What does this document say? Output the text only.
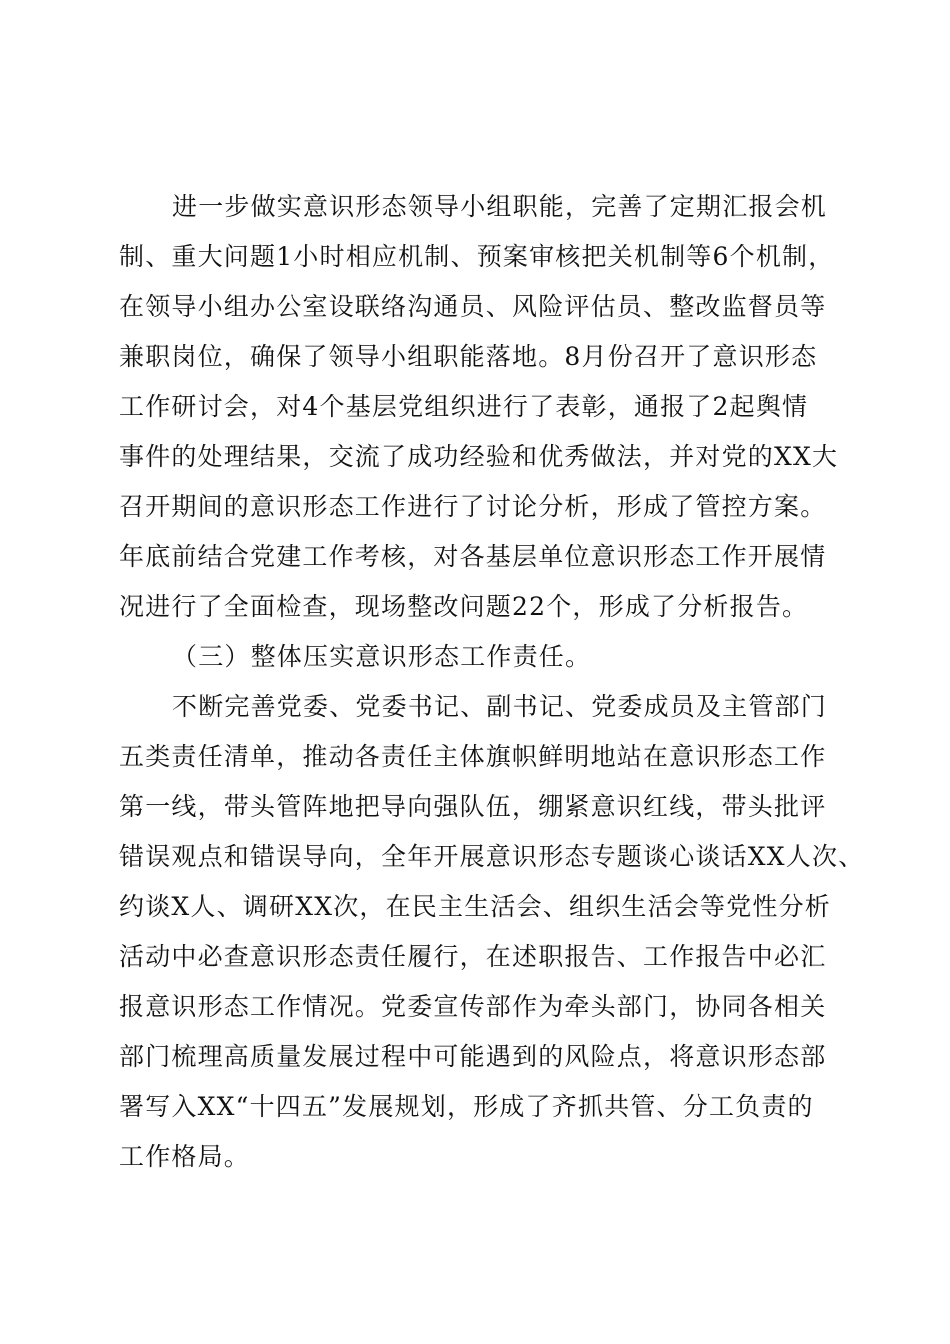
进一步做实意识形态领导小组职能，完善了定期汇报会机
制、重大问题1小时相应机制、预案审核把关机制等6个机制，
在领导小组办公室设联络沟通员、风险评估员、整改监督员等
兼职岗位，确保了领导小组职能落地。8月份召开了意识形态
工作研讨会，对4个基层党组织进行了表彰，通报了2起舆情
事件的处理结果，交流了成功经验和优秀做法，并对党的XX大
召开期间的意识形态工作进行了讨论分析，形成了管控方案。
年底前结合党建工作考核，对各基层单位意识形态工作开展情
况进行了全面检查，现场整改问题22个，形成了分析报告。
（三）整体压实意识形态工作责任。
不断完善党委、党委书记、副书记、党委成员及主管部门
五类责任清单，推动各责任主体旗帜鲜明地站在意识形态工作
第一线，带头管阵地把导向强队伍，绷紧意识红线，带头批评
错误观点和错误导向，全年开展意识形态专题谈心谈话XX人次、
约谈X人、调研XX次，在民主生活会、组织生活会等党性分析
活动中必查意识形态责任履行，在述职报告、工作报告中必汇
报意识形态工作情况。党委宣传部作为牵头部门，协同各相关
部门梳理高质量发展过程中可能遇到的风险点，将意识形态部
署写入XX“十四五”发展规划，形成了齐抓共管、分工负责的
工作格局。
